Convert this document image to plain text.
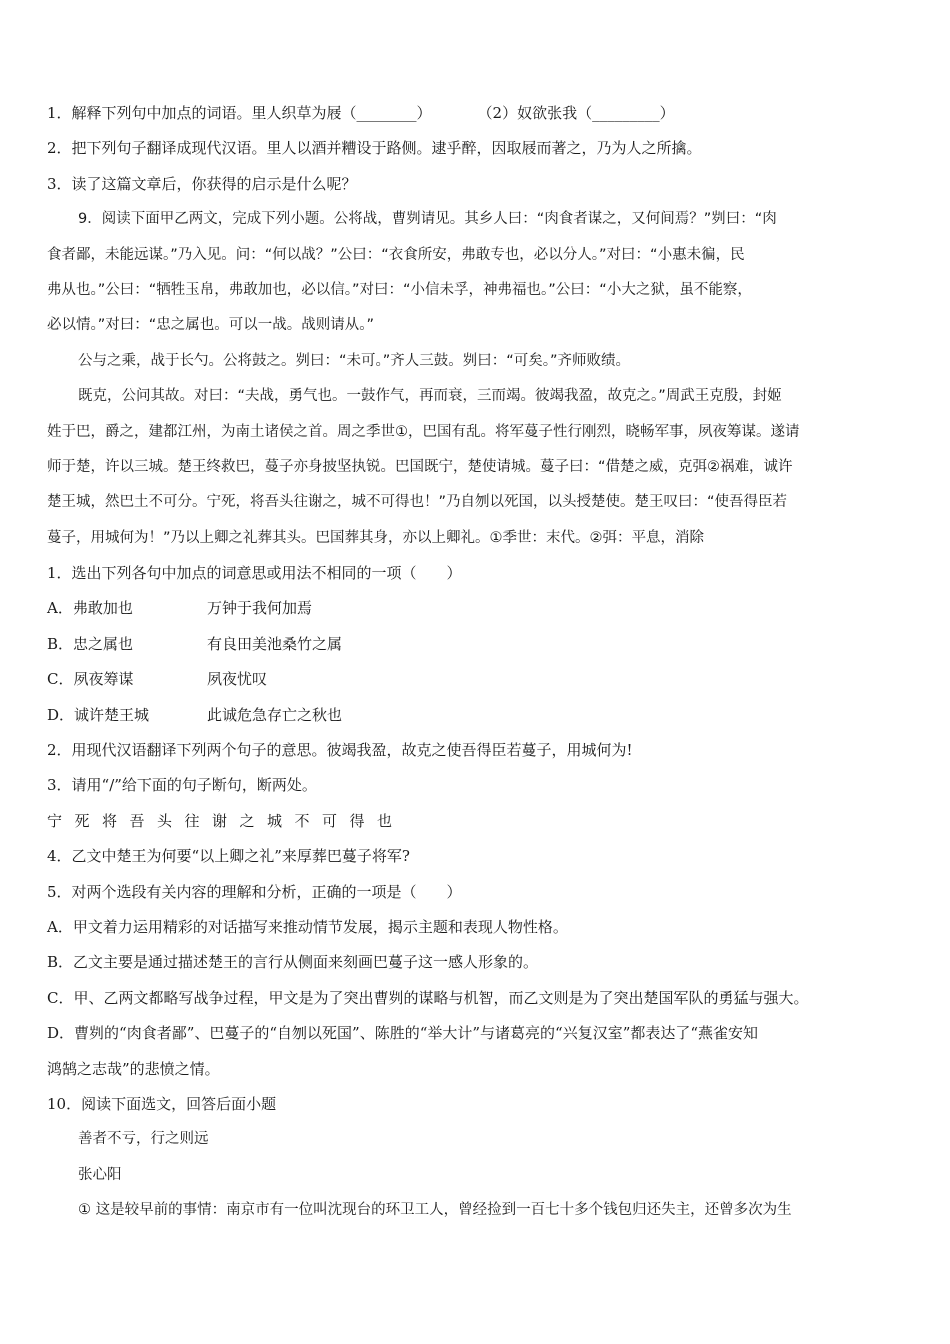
1．解释下列句中加点的词语。里人织草为屐（________）	（2）奴欲张我（_________）
2．把下列句子翻译成现代汉语。里人以酒并糟设于路侧。逮乎醉，因取屐而著之，乃为人之所擒。
3．读了这篇文章后，你获得的启示是什么呢？
9．阅读下面甲乙两文，完成下列小题。公将战，曹刿请见。其乡人曰：“肉食者谋之，又何间焉？”刿曰：“肉
食者鄙，未能远谋。”乃入见。问：“何以战？”公曰：“衣食所安，弗敢专也，必以分人。”对曰：“小惠未徧，民
弗从也。”公曰：“牺牲玉帛，弗敢加也，必以信。”对曰：“小信未孚，神弗福也。”公曰：“小大之狱，虽不能察，
必以情。”对曰：“忠之属也。可以一战。战则请从。”
公与之乘，战于长勺。公将鼓之。刿曰：“未可。”齐人三鼓。刿曰：“可矣。”齐师败绩。
既克，公问其故。对曰：“夫战，勇气也。一鼓作气，再而衰，三而竭。彼竭我盈，故克之。”周武王克殷，封姬
姓于巴，爵之，建都江州，为南土诸侯之首。周之季世①，巴国有乱。将军蔓子性行刚烈，晓畅军事，夙夜筹谋。遂请
师于楚，许以三城。楚王终救巴，蔓子亦身披坚执锐。巴国既宁，楚使请城。蔓子曰：“借楚之威，克弭②祸难，诚许
楚王城，然巴土不可分。宁死，将吾头往谢之，城不可得也！”乃自刎以死国，以头授楚使。楚王叹曰：“使吾得臣若
蔓子，用城何为！”乃以上卿之礼葬其头。巴国葬其身，亦以上卿礼。①季世：末代。②弭：平息，消除
1．选出下列各句中加点的词意思或用法不相同的一项（　　）
A．弗敢加也	万钟于我何加焉
B．忠之属也	有良田美池桑竹之属
C．夙夜筹谋	夙夜忧叹
D．诚许楚王城	此诚危急存亡之秋也
2．用现代汉语翻译下列两个句子的意思。彼竭我盈，故克之使吾得臣若蔓子，用城何为!
3．请用“/”给下面的句子断句，断两处。
宁死将吾头往谢之城不可得也
4．乙文中楚王为何要“以上卿之礼”来厚葬巴蔓子将军?
5．对两个选段有关内容的理解和分析，正确的一项是（　　）
A．甲文着力运用精彩的对话描写来推动情节发展，揭示主题和表现人物性格。
B．乙文主要是通过描述楚王的言行从侧面来刻画巴蔓子这一感人形象的。
C．甲、乙两文都略写战争过程，甲文是为了突出曹刿的谋略与机智，而乙文则是为了突出楚国军队的勇猛与强大。
D．曹刿的“肉食者鄙”、巴蔓子的“自刎以死国”、陈胜的“举大计”与诸葛亮的“兴复汉室”都表达了“燕雀安知
鸿鹄之志哉”的悲愤之情。
10．阅读下面选文，回答后面小题
善者不亏，行之则远
张心阳
① 这是较早前的事情：南京市有一位叫沈现台的环卫工人，曾经捡到一百七十多个钱包归还失主，还曾多次为生
